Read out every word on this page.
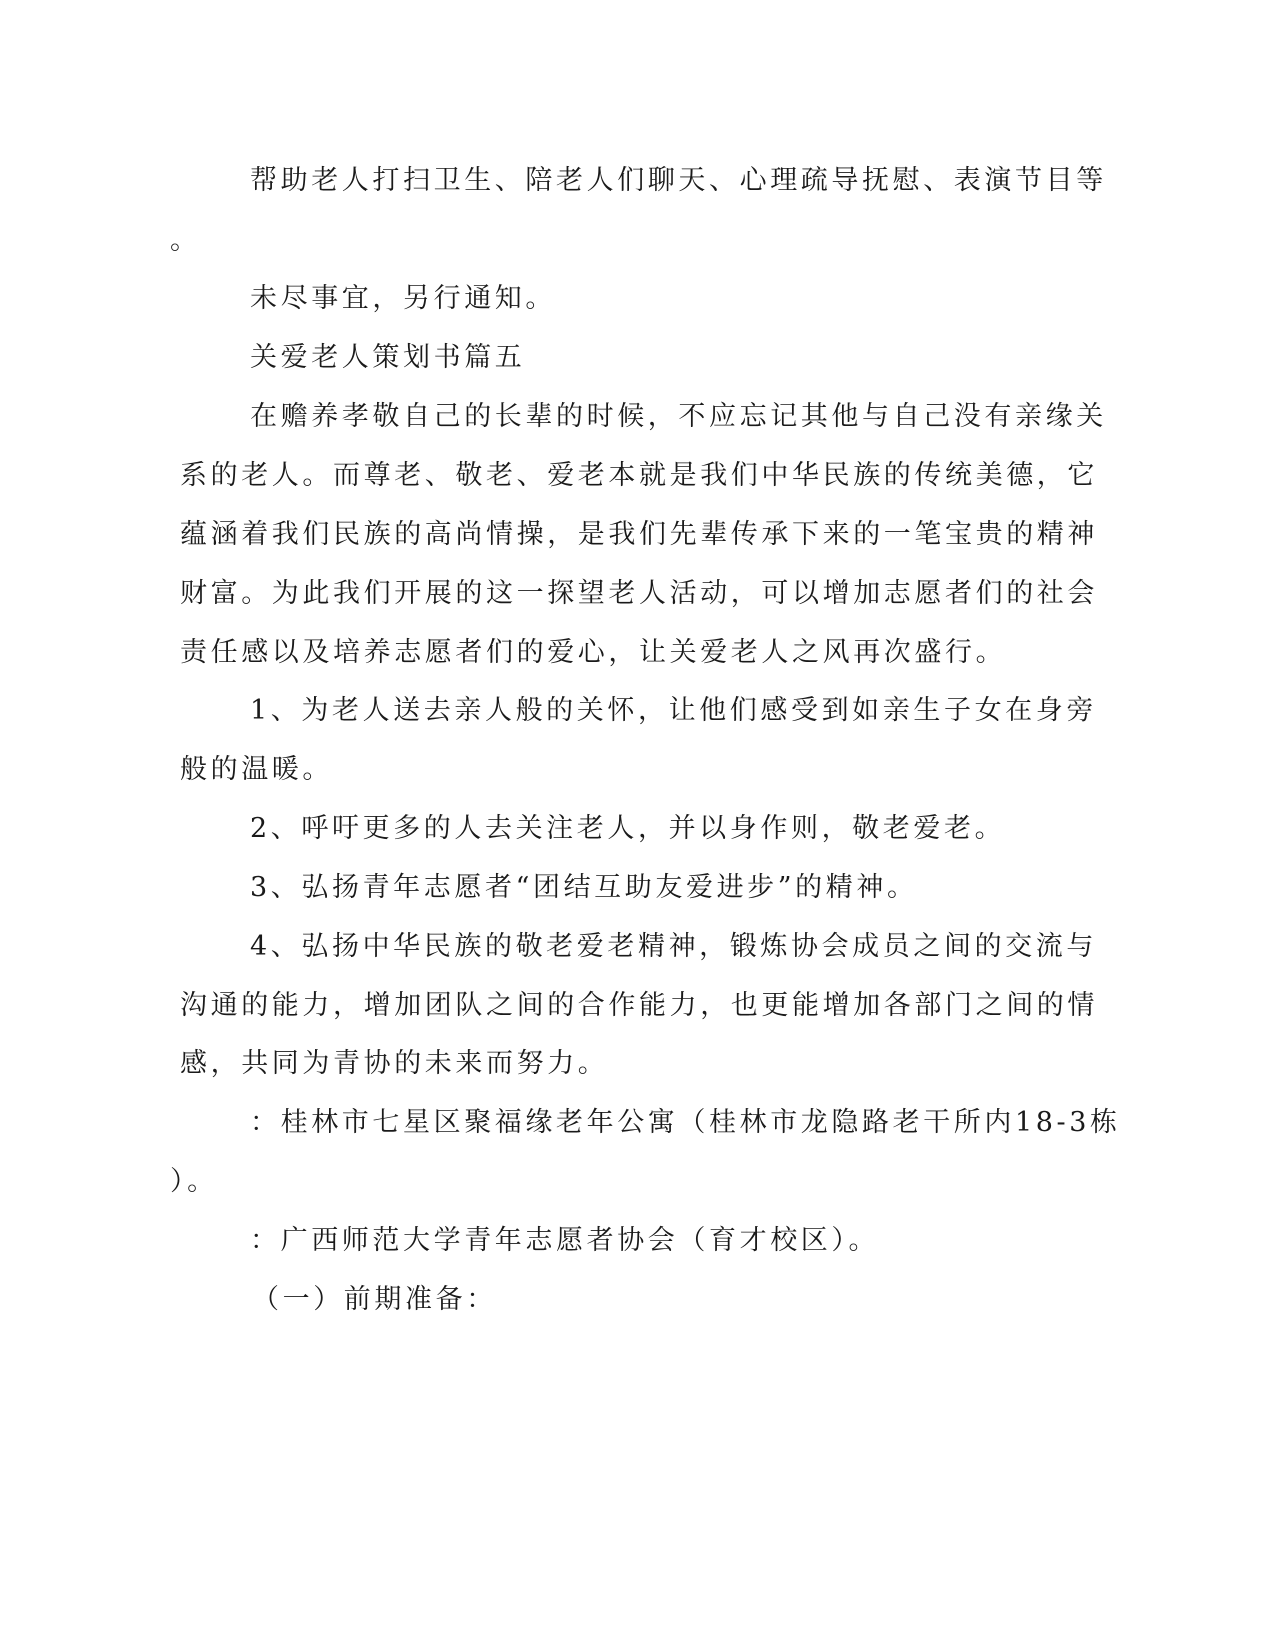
帮助老人打扫卫生、陪老人们聊天、心理疏导抚慰、表演节目等

。

未尽事宜，另行通知。

关爱老人策划书篇五

在赡养孝敬自己的长辈的时候，不应忘记其他与自己没有亲缘关

系的老人。而尊老、敬老、爱老本就是我们中华民族的传统美德，它

蕴涵着我们民族的高尚情操，是我们先辈传承下来的一笔宝贵的精神

财富。为此我们开展的这一探望老人活动，可以增加志愿者们的社会

责任感以及培养志愿者们的爱心，让关爱老人之风再次盛行。

1、为老人送去亲人般的关怀，让他们感受到如亲生子女在身旁

般的温暖。

2、呼吁更多的人去关注老人，并以身作则，敬老爱老。

3、弘扬青年志愿者“团结互助友爱进步”的精神。

4、弘扬中华民族的敬老爱老精神，锻炼协会成员之间的交流与

沟通的能力，增加团队之间的合作能力，也更能增加各部门之间的情

感，共同为青协的未来而努力。

：桂林市七星区聚福缘老年公寓（桂林市龙隐路老干所内18-3栋

）。

：广西师范大学青年志愿者协会（育才校区）。

（一）前期准备：
